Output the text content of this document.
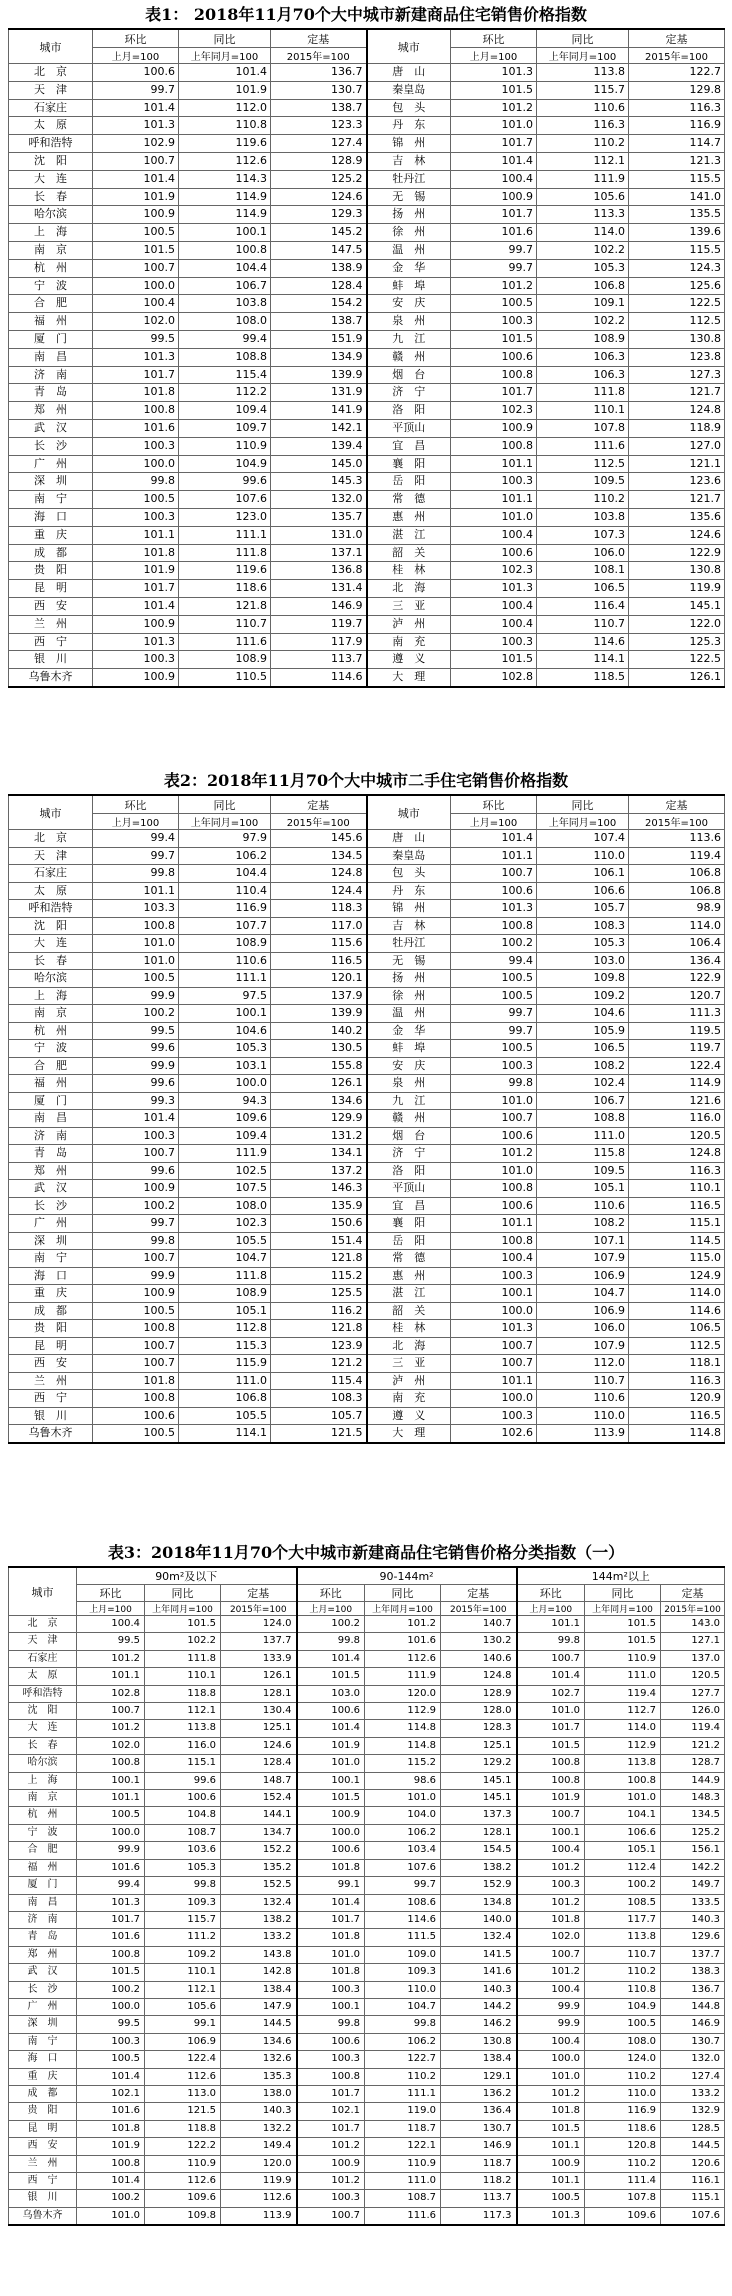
表1： 2018年11月70个大中城市新建商品住宅销售价格指数
城市	环比	同比	定基	城市	环比	同比	定基
	上月=100	上年同月=100	2015年=100		上月=100	上年同月=100	2015年=100
北　京	100.6	101.4	136.7	唐　山	101.3	113.8	122.7
天　津	99.7	101.9	130.7	秦皇岛	101.5	115.7	129.8
石家庄	101.4	112.0	138.7	包　头	101.2	110.6	116.3
太　原	101.3	110.8	123.3	丹　东	101.0	116.3	116.9
呼和浩特	102.9	119.6	127.4	锦　州	101.7	110.2	114.7
沈　阳	100.7	112.6	128.9	吉　林	101.4	112.1	121.3
大　连	101.4	114.3	125.2	牡丹江	100.4	111.9	115.5
长　春	101.9	114.9	124.6	无　锡	100.9	105.6	141.0
哈尔滨	100.9	114.9	129.3	扬　州	101.7	113.3	135.5
上　海	100.5	100.1	145.2	徐　州	101.6	114.0	139.6
南　京	101.5	100.8	147.5	温　州	99.7	102.2	115.5
杭　州	100.7	104.4	138.9	金　华	99.7	105.3	124.3
宁　波	100.0	106.7	128.4	蚌　埠	101.2	106.8	125.6
合　肥	100.4	103.8	154.2	安　庆	100.5	109.1	122.5
福　州	102.0	108.0	138.7	泉　州	100.3	102.2	112.5
厦　门	99.5	99.4	151.9	九　江	101.5	108.9	130.8
南　昌	101.3	108.8	134.9	赣　州	100.6	106.3	123.8
济　南	101.7	115.4	139.9	烟　台	100.8	106.3	127.3
青　岛	101.8	112.2	131.9	济　宁	101.7	111.8	121.7
郑　州	100.8	109.4	141.9	洛　阳	102.3	110.1	124.8
武　汉	101.6	109.7	142.1	平顶山	100.9	107.8	118.9
长　沙	100.3	110.9	139.4	宜　昌	100.8	111.6	127.0
广　州	100.0	104.9	145.0	襄　阳	101.1	112.5	121.1
深　圳	99.8	99.6	145.3	岳　阳	100.3	109.5	123.6
南　宁	100.5	107.6	132.0	常　德	101.1	110.2	121.7
海　口	100.3	123.0	135.7	惠　州	101.0	103.8	135.6
重　庆	101.1	111.1	131.0	湛　江	100.4	107.3	124.6
成　都	101.8	111.8	137.1	韶　关	100.6	106.0	122.9
贵　阳	101.9	119.6	136.8	桂　林	102.3	108.1	130.8
昆　明	101.7	118.6	131.4	北　海	101.3	106.5	119.9
西　安	101.4	121.8	146.9	三　亚	100.4	116.4	145.1
兰　州	100.9	110.7	119.7	泸　州	100.4	110.7	122.0
西　宁	101.3	111.6	117.9	南　充	100.3	114.6	125.3
银　川	100.3	108.9	113.7	遵　义	101.5	114.1	122.5
乌鲁木齐	100.9	110.5	114.6	大　理	102.8	118.5	126.1
表2：2018年11月70个大中城市二手住宅销售价格指数
城市	环比	同比	定基	城市	环比	同比	定基
	上月=100	上年同月=100	2015年=100		上月=100	上年同月=100	2015年=100
北　京	99.4	97.9	145.6	唐　山	101.4	107.4	113.6
天　津	99.7	106.2	134.5	秦皇岛	101.1	110.0	119.4
石家庄	99.8	104.4	124.8	包　头	100.7	106.1	106.8
太　原	101.1	110.4	124.4	丹　东	100.6	106.6	106.8
呼和浩特	103.3	116.9	118.3	锦　州	101.3	105.7	98.9
沈　阳	100.8	107.7	117.0	吉　林	100.8	108.3	114.0
大　连	101.0	108.9	115.6	牡丹江	100.2	105.3	106.4
长　春	101.0	110.6	116.5	无　锡	99.4	103.0	136.4
哈尔滨	100.5	111.1	120.1	扬　州	100.5	109.8	122.9
上　海	99.9	97.5	137.9	徐　州	100.5	109.2	120.7
南　京	100.2	100.1	139.9	温　州	99.7	104.6	111.3
杭　州	99.5	104.6	140.2	金　华	99.7	105.9	119.5
宁　波	99.6	105.3	130.5	蚌　埠	100.5	106.5	119.7
合　肥	99.9	103.1	155.8	安　庆	100.3	108.2	122.4
福　州	99.6	100.0	126.1	泉　州	99.8	102.4	114.9
厦　门	99.3	94.3	134.6	九　江	101.0	106.7	121.6
南　昌	101.4	109.6	129.9	赣　州	100.7	108.8	116.0
济　南	100.3	109.4	131.2	烟　台	100.6	111.0	120.5
青　岛	100.7	111.9	134.1	济　宁	101.2	115.8	124.8
郑　州	99.6	102.5	137.2	洛　阳	101.0	109.5	116.3
武　汉	100.9	107.5	146.3	平顶山	100.8	105.1	110.1
长　沙	100.2	108.0	135.9	宜　昌	100.6	110.6	116.5
广　州	99.7	102.3	150.6	襄　阳	101.1	108.2	115.1
深　圳	99.8	105.5	151.4	岳　阳	100.8	107.1	114.5
南　宁	100.7	104.7	121.8	常　德	100.4	107.9	115.0
海　口	99.9	111.8	115.2	惠　州	100.3	106.9	124.9
重　庆	100.9	108.9	125.5	湛　江	100.1	104.7	114.0
成　都	100.5	105.1	116.2	韶　关	100.0	106.9	114.6
贵　阳	100.8	112.8	121.8	桂　林	101.3	106.0	106.5
昆　明	100.7	115.3	123.9	北　海	100.7	107.9	112.5
西　安	100.7	115.9	121.2	三　亚	100.7	112.0	118.1
兰　州	101.8	111.0	115.4	泸　州	101.1	110.7	116.3
西　宁	100.8	106.8	108.3	南　充	100.0	110.6	120.9
银　川	100.6	105.5	105.7	遵　义	100.3	110.0	116.5
乌鲁木齐	100.5	114.1	121.5	大　理	102.6	113.9	114.8
表3：2018年11月70个大中城市新建商品住宅销售价格分类指数（一）
城市	90m²及以下			90-144m²			144m²以上		
	环比	同比	定基	环比	同比	定基	环比	同比	定基
	上月=100	上年同月=100	2015年=100	上月=100	上年同月=100	2015年=100	上月=100	上年同月=100	2015年=100
北　京	100.4	101.5	124.0	100.2	101.2	140.7	101.1	101.5	143.0
天　津	99.5	102.2	137.7	99.8	101.6	130.2	99.8	101.5	127.1
石家庄	101.2	111.8	133.9	101.4	112.6	140.6	100.7	110.9	137.0
太　原	101.1	110.1	126.1	101.5	111.9	124.8	101.4	111.0	120.5
呼和浩特	102.8	118.8	128.1	103.0	120.0	128.9	102.7	119.4	127.7
沈　阳	100.7	112.1	130.4	100.6	112.9	128.0	101.0	112.7	126.0
大　连	101.2	113.8	125.1	101.4	114.8	128.3	101.7	114.0	119.4
长　春	102.0	116.0	124.6	101.9	114.8	125.1	101.5	112.9	121.2
哈尔滨	100.8	115.1	128.4	101.0	115.2	129.2	100.8	113.8	128.7
上　海	100.1	99.6	148.7	100.1	98.6	145.1	100.8	100.8	144.9
南　京	101.1	100.6	152.4	101.5	101.0	145.1	101.9	101.0	148.3
杭　州	100.5	104.8	144.1	100.9	104.0	137.3	100.7	104.1	134.5
宁　波	100.0	108.7	134.7	100.0	106.2	128.1	100.1	106.6	125.2
合　肥	99.9	103.6	152.2	100.6	103.4	154.5	100.4	105.1	156.1
福　州	101.6	105.3	135.2	101.8	107.6	138.2	101.2	112.4	142.2
厦　门	99.4	99.8	152.5	99.1	99.7	152.9	100.3	100.2	149.7
南　昌	101.3	109.3	132.4	101.4	108.6	134.8	101.2	108.5	133.5
济　南	101.7	115.7	138.2	101.7	114.6	140.0	101.8	117.7	140.3
青　岛	101.6	111.2	133.2	101.8	111.5	132.4	102.0	113.8	129.6
郑　州	100.8	109.2	143.8	101.0	109.0	141.5	100.7	110.7	137.7
武　汉	101.5	110.1	142.8	101.8	109.3	141.6	101.2	110.2	138.3
长　沙	100.2	112.1	138.4	100.3	110.0	140.3	100.4	110.8	136.7
广　州	100.0	105.6	147.9	100.1	104.7	144.2	99.9	104.9	144.8
深　圳	99.5	99.1	144.5	99.8	99.8	146.2	99.9	100.5	146.9
南　宁	100.3	106.9	134.6	100.6	106.2	130.8	100.4	108.0	130.7
海　口	100.5	122.4	132.6	100.3	122.7	138.4	100.0	124.0	132.0
重　庆	101.4	112.6	135.3	100.8	110.2	129.1	101.0	110.2	127.4
成　都	102.1	113.0	138.0	101.7	111.1	136.2	101.2	110.0	133.2
贵　阳	101.6	121.5	140.3	102.1	119.0	136.4	101.8	116.9	132.9
昆　明	101.8	118.8	132.2	101.7	118.7	130.7	101.5	118.6	128.5
西　安	101.9	122.2	149.4	101.2	122.1	146.9	101.1	120.8	144.5
兰　州	100.8	110.9	120.0	100.9	110.9	118.7	100.9	110.2	120.6
西　宁	101.4	112.6	119.9	101.2	111.0	118.2	101.1	111.4	116.1
银　川	100.2	109.6	112.6	100.3	108.7	113.7	100.5	107.8	115.1
乌鲁木齐	101.0	109.8	113.9	100.7	111.6	117.3	101.3	109.6	107.6
